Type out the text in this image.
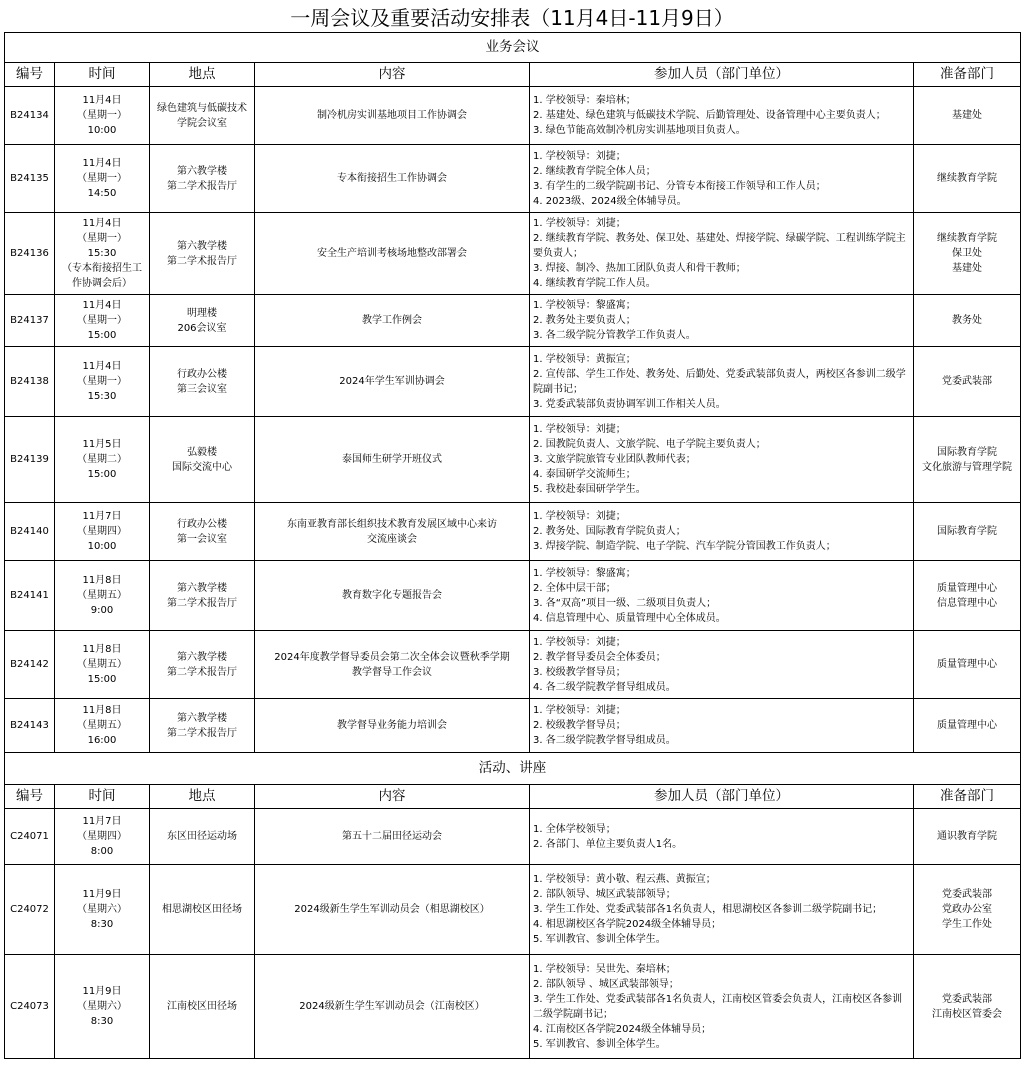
一周会议及重要活动安排表（11月4日-11月9日）
业务会议					
编号	时间	地点	内容	参加人员（部门单位）	准备部门
B24134	11月4日
（星期一）
10:00	绿色建筑与低碳技术
学院会议室	制冷机房实训基地项目工作协调会	1. 学校领导：秦培林；
2. 基建处、绿色建筑与低碳技术学院、后勤管理处、设备管理中心主要负责人；
3. 绿色节能高效制冷机房实训基地项目负责人。	基建处
B24135	11月4日
（星期一）
14:50	第六教学楼
第二学术报告厅	专本衔接招生工作协调会	1. 学校领导：刘捷；
2. 继续教育学院全体人员；
3. 有学生的二级学院副书记、分管专本衔接工作领导和工作人员；
4. 2023级、2024级全体辅导员。	继续教育学院
B24136	11月4日
（星期一）
15:30
（专本衔接招生工
作协调会后）	第六教学楼
第二学术报告厅	安全生产培训考核场地整改部署会	1. 学校领导：刘捷；
2. 继续教育学院、教务处、保卫处、基建处、焊接学院、绿碳学院、工程训练学院主要负责人；
3. 焊接、制冷、热加工团队负责人和骨干教师；
4. 继续教育学院工作人员。	继续教育学院
保卫处
基建处
B24137	11月4日
（星期一）
15:00	明理楼
206会议室	教学工作例会	1. 学校领导：黎盛寓；
2. 教务处主要负责人；
3. 各二级学院分管教学工作负责人。	教务处
B24138	11月4日
（星期一）
15:30	行政办公楼
第三会议室	2024年学生军训协调会	1. 学校领导：黄振宣；
2. 宣传部、学生工作处、教务处、后勤处、党委武装部负责人，两校区各参训二级学院副书记；
3. 党委武装部负责协调军训工作相关人员。	党委武装部
B24139	11月5日
（星期二）
15:00	弘毅楼
国际交流中心	泰国师生研学开班仪式	1. 学校领导：刘捷；
2. 国教院负责人、文旅学院、电子学院主要负责人；
3. 文旅学院旅管专业团队教师代表；
4. 泰国研学交流师生；
5. 我校赴泰国研学学生。	国际教育学院
文化旅游与管理学院
B24140	11月7日
（星期四）
10:00	行政办公楼
第一会议室	东南亚教育部长组织技术教育发展区域中心来访
交流座谈会	1. 学校领导：刘捷；
2. 教务处、国际教育学院负责人；
3. 焊接学院、制造学院、电子学院、汽车学院分管国教工作负责人；	国际教育学院
B24141	11月8日
（星期五）
9:00	第六教学楼
第二学术报告厅	教育数字化专题报告会	1. 学校领导：黎盛寓；
2. 全体中层干部；
3. 各“双高”项目一级、二级项目负责人；
4. 信息管理中心、质量管理中心全体成员。	质量管理中心
信息管理中心
B24142	11月8日
（星期五）
15:00	第六教学楼
第二学术报告厅	2024年度教学督导委员会第二次全体会议暨秋季学期
教学督导工作会议	1. 学校领导：刘捷；
2. 教学督导委员会全体委员；
3. 校级教学督导员；
4. 各二级学院教学督导组成员。	质量管理中心
B24143	11月8日
（星期五）
16:00	第六教学楼
第二学术报告厅	教学督导业务能力培训会	1. 学校领导：刘捷；
2. 校级教学督导员；
3. 各二级学院教学督导组成员。	质量管理中心
活动、讲座					
编号	时间	地点	内容	参加人员（部门单位）	准备部门
C24071	11月7日
（星期四）
8:00	东区田径运动场	第五十二届田径运动会	1. 全体学校领导；
2. 各部门、单位主要负责人1名。	通识教育学院
C24072	11月9日
（星期六）
8:30	相思湖校区田径场	2024级新生学生军训动员会（相思湖校区）	1. 学校领导：黄小敬、程云燕、黄振宣；
2. 部队领导、城区武装部领导；
3. 学生工作处、党委武装部各1名负责人，相思湖校区各参训二级学院副书记；
4. 相思湖校区各学院2024级全体辅导员；
5. 军训教官、参训全体学生。	党委武装部
党政办公室
学生工作处
C24073	11月9日
（星期六）
8:30	江南校区田径场	2024级新生学生军训动员会（江南校区）	1. 学校领导：吴世先、秦培林；
2. 部队领导 、城区武装部领导；
3. 学生工作处、党委武装部各1名负责人，江南校区管委会负责人，江南校区各参训二级学院副书记；
4. 江南校区各学院2024级全体辅导员；
5. 军训教官、参训全体学生。	党委武装部
江南校区管委会
